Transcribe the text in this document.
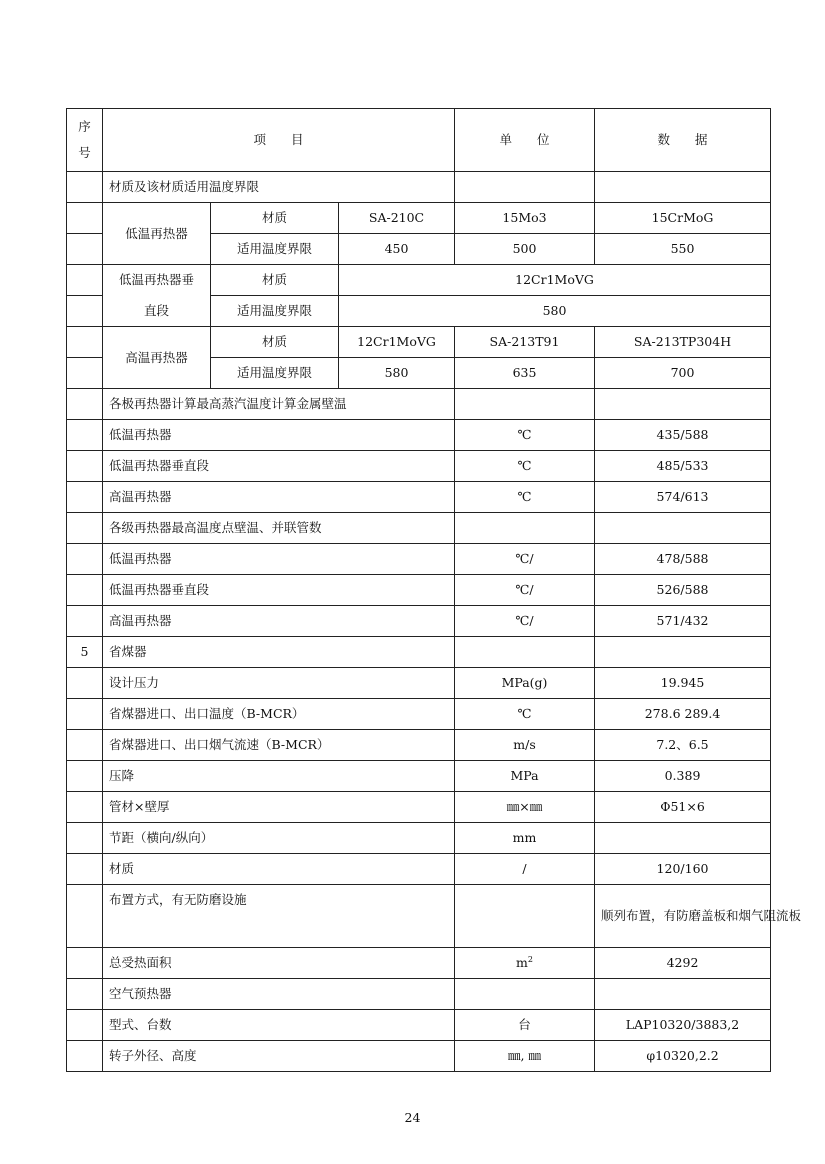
序
号	项　　目			单　　位	数　　据
	材质及该材质适用温度界限				
	低温再热器	材质	SA-210C	15Mo3	15CrMoG
		适用温度界限	450	500	550
	低温再热器垂	材质	12Cr1MoVG		
	直段	适用温度界限	580		
	高温再热器	材质	12Cr1MoVG	SA-213T91	SA-213TP304H
		适用温度界限	580	635	700
	各极再热器计算最高蒸汽温度计算金属壁温				
	低温再热器			℃	435/588
	低温再热器垂直段			℃	485/533
	高温再热器			℃	574/613
	各级再热器最高温度点壁温、并联管数				
	低温再热器			℃/	478/588
	低温再热器垂直段			℃/	526/588
	高温再热器			℃/	571/432
5	省煤器				
	设计压力			MPa(g)	19.945
	省煤器进口、出口温度（B-MCR）			℃	278.6 289.4
	省煤器进口、出口烟气流速（B-MCR）			m/s	7.2、6.5
	压降			MPa	0.389
	管材×壁厚			㎜×㎜	Φ51×6
	节距（横向/纵向）			mm	
	材质			/	120/160
	布置方式，有无防磨设施				顺列布置，有防磨盖板和烟气阻流板
	总受热面积			$m^2$	4292
	空气预热器				
	型式、台数			台	LAP10320/3883,2
	转子外径、高度			㎜, ㎜	φ10320,2.2
24
